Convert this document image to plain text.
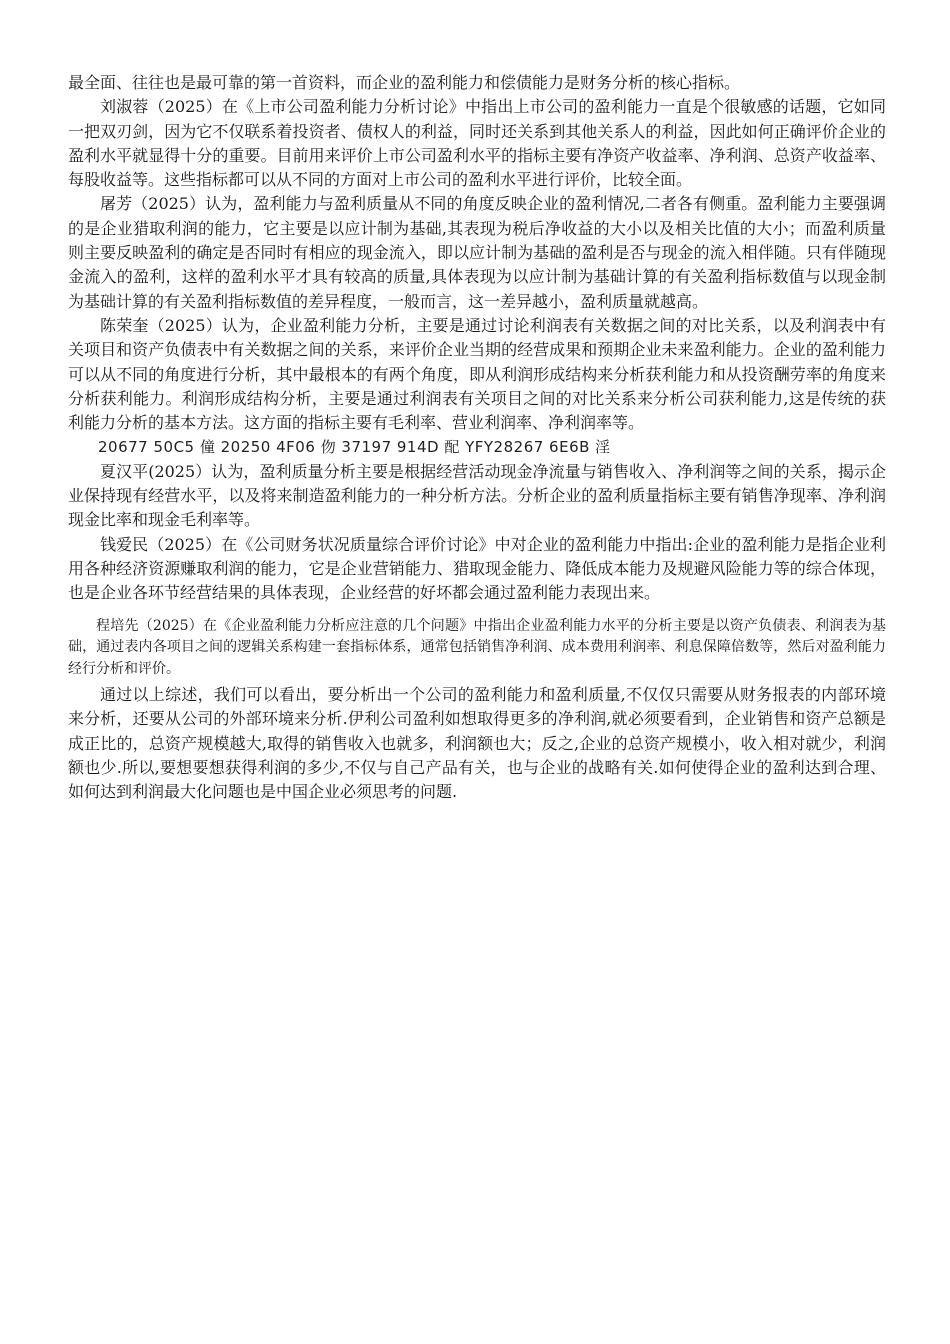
最全面、往往也是最可靠的第一首资料，而企业的盈利能力和偿债能力是财务分析的核心指标。

刘淑蓉（2025）在《上市公司盈利能力分析讨论》中指出上市公司的盈利能力一直是个很敏感的话题，它如同一把双刃剑，因为它不仅联系着投资者、债权人的利益，同时还关系到其他关系人的利益，因此如何正确评价企业的盈利水平就显得十分的重要。目前用来评价上市公司盈利水平的指标主要有净资产收益率、净利润、总资产收益率、每股收益等。这些指标都可以从不同的方面对上市公司的盈利水平进行评价，比较全面。

屠芳（2025）认为，盈利能力与盈利质量从不同的角度反映企业的盈利情况,二者各有侧重。盈利能力主要强调的是企业猎取利润的能力，它主要是以应计制为基础,其表现为税后净收益的大小以及相关比值的大小；而盈利质量则主要反映盈利的确定是否同时有相应的现金流入，即以应计制为基础的盈利是否与现金的流入相伴随。只有伴随现金流入的盈利，这样的盈利水平才具有较高的质量,具体表现为以应计制为基础计算的有关盈利指标数值与以现金制为基础计算的有关盈利指标数值的差异程度，一般而言，这一差异越小，盈利质量就越高。

陈荣奎（2025）认为，企业盈利能力分析，主要是通过讨论利润表有关数据之间的对比关系，以及利润表中有关项目和资产负债表中有关数据之间的关系，来评价企业当期的经营成果和预期企业未来盈利能力。企业的盈利能力可以从不同的角度进行分析，其中最根本的有两个角度，即从利润形成结构来分析获利能力和从投资酬劳率的角度来分析获利能力。利润形成结构分析，主要是通过利润表有关项目之间的对比关系来分析公司获利能力,这是传统的获利能力分析的基本方法。这方面的指标主要有毛利率、营业利润率、净利润率等。

20677 50C5 僮 20250 4F06 伆 37197 914D 配 YFY28267 6E6B 淫

夏汉平(2025）认为，盈利质量分析主要是根据经营活动现金净流量与销售收入、净利润等之间的关系，揭示企业保持现有经营水平，以及将来制造盈利能力的一种分析方法。分析企业的盈利质量指标主要有销售净现率、净利润现金比率和现金毛利率等。

钱爱民（2025）在《公司财务状况质量综合评价讨论》中对企业的盈利能力中指出:企业的盈利能力是指企业利用各种经济资源赚取利润的能力，它是企业营销能力、猎取现金能力、降低成本能力及规避风险能力等的综合体现，也是企业各环节经营结果的具体表现，企业经营的好坏都会通过盈利能力表现出来。

程培先（2025）在《企业盈利能力分析应注意的几个问题》中指出企业盈利能力水平的分析主要是以资产负债表、利润表为基础，通过表内各项目之间的逻辑关系构建一套指标体系，通常包括销售净利润、成本费用利润率、利息保障倍数等，然后对盈利能力经行分析和评价。

通过以上综述，我们可以看出，要分析出一个公司的盈利能力和盈利质量,不仅仅只需要从财务报表的内部环境来分析，还要从公司的外部环境来分析.伊利公司盈利如想取得更多的净利润,就必须要看到，企业销售和资产总额是成正比的，总资产规模越大,取得的销售收入也就多，利润额也大；反之,企业的总资产规模小，收入相对就少，利润额也少.所以,要想要想获得利润的多少,不仅与自己产品有关，也与企业的战略有关.如何使得企业的盈利达到合理、如何达到利润最大化问题也是中国企业必须思考的问题.
